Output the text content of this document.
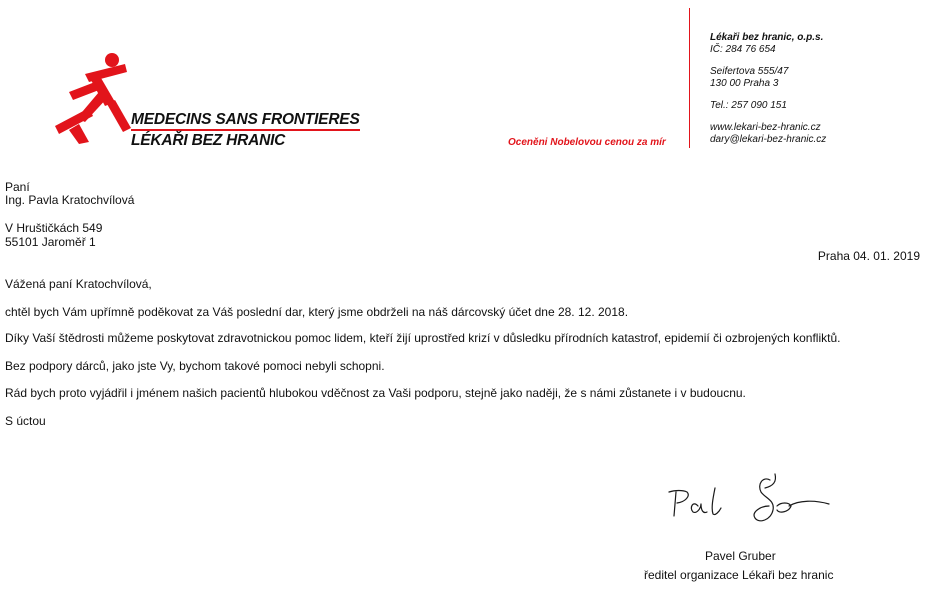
MEDECINS SANS FRONTIERES
LÉKAŘI BEZ HRANIC	Oceněni Nobelovou cenou za mír
Lékaři bez hranic, o.p.s.
IČ: 284 76 654
Seifertova 555/47
130 00 Praha 3
Tel.: 257 090 151
www.lekari-bez-hranic.cz
dary@lekari-bez-hranic.cz
Paní
Ing. Pavla Kratochvílová
V Hruštičkách 549
55101 Jaroměř 1
Praha 04. 01. 2019
Vážená paní Kratochvílová,
chtěl bych Vám upřímně poděkovat za Váš poslední dar, který jsme obdrželi na náš dárcovský účet dne 28. 12. 2018.
Díky Vaší štědrosti můžeme poskytovat zdravotnickou pomoc lidem, kteří žijí uprostřed krizí v důsledku přírodních katastrof, epidemií či ozbrojených konfliktů.
Bez podpory dárců, jako jste Vy, bychom takové pomoci nebyli schopni.
Rád bych proto vyjádřil i jménem našich pacientů hlubokou vděčnost za Vaši podporu, stejně jako naději, že s námi zůstanete i v budoucnu.
S úctou
Pavel Gruber
ředitel organizace Lékaři bez hranic
